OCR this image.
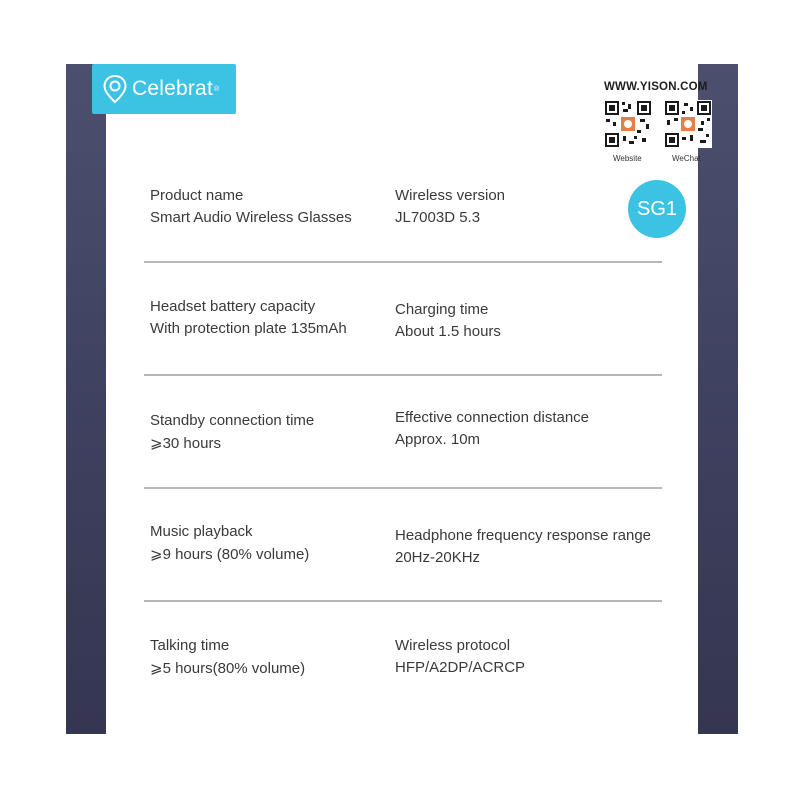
Celebrat ®	WWW.YISON.COM
Website	WeChat
SG1
Product name
Smart Audio Wireless Glasses
Wireless version
JL7003D 5.3
Headset battery capacity
With protection plate 135mAh
Charging time
About 1.5 hours
Standby connection time
⩾30 hours
Effective connection distance
Approx. 10m
Music playback
⩾9 hours (80% volume)
Headphone frequency response range
20Hz-20KHz
Talking time
⩾5 hours(80% volume)
Wireless protocol
HFP/A2DP/ACRCP
